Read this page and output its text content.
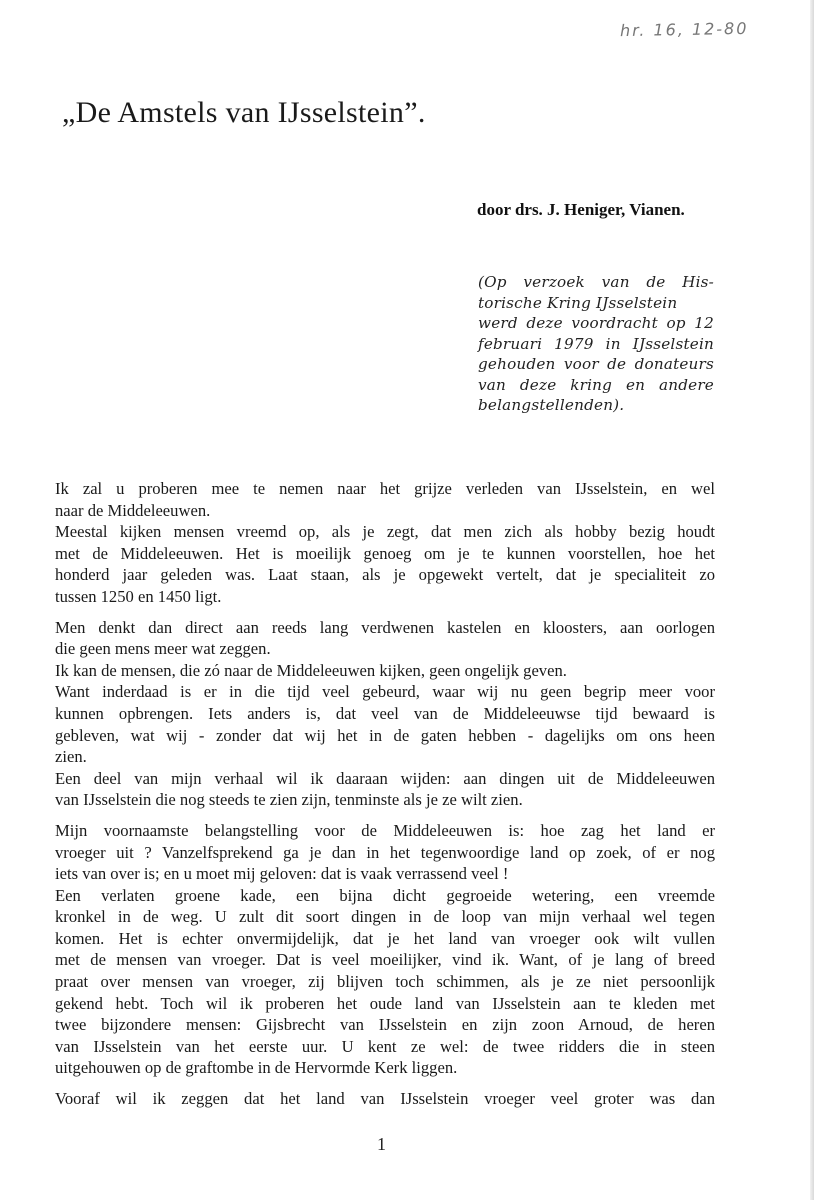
hr. 16, 12-80
„De Amstels van IJsselstein”.
door drs. J. Heniger, Vianen.
(Op verzoek van de His-
torische Kring IJsselstein
werd deze voordracht op 12
februari 1979 in IJsselstein
gehouden voor de donateurs
van deze kring en andere
belangstellenden).
Ik zal u proberen mee te nemen naar het grijze verleden van IJsselstein, en wel
naar de Middeleeuwen.
Meestal kijken mensen vreemd op, als je zegt, dat men zich als hobby bezig houdt
met de Middeleeuwen. Het is moeilijk genoeg om je te kunnen voorstellen, hoe het
honderd jaar geleden was. Laat staan, als je opgewekt vertelt, dat je specialiteit zo
tussen 1250 en 1450 ligt.
Men denkt dan direct aan reeds lang verdwenen kastelen en kloosters, aan oorlogen
die geen mens meer wat zeggen.
Ik kan de mensen, die zó naar de Middeleeuwen kijken, geen ongelijk geven.
Want inderdaad is er in die tijd veel gebeurd, waar wij nu geen begrip meer voor
kunnen opbrengen. Iets anders is, dat veel van de Middeleeuwse tijd bewaard is
gebleven, wat wij - zonder dat wij het in de gaten hebben - dagelijks om ons heen
zien.
Een deel van mijn verhaal wil ik daaraan wijden: aan dingen uit de Middeleeuwen
van IJsselstein die nog steeds te zien zijn, tenminste als je ze wilt zien.
Mijn voornaamste belangstelling voor de Middeleeuwen is: hoe zag het land er
vroeger uit ? Vanzelfsprekend ga je dan in het tegenwoordige land op zoek, of er nog
iets van over is; en u moet mij geloven: dat is vaak verrassend veel !
Een verlaten groene kade, een bijna dicht gegroeide wetering, een vreemde
kronkel in de weg. U zult dit soort dingen in de loop van mijn verhaal wel tegen
komen. Het is echter onvermijdelijk, dat je het land van vroeger ook wilt vullen
met de mensen van vroeger. Dat is veel moeilijker, vind ik. Want, of je lang of breed
praat over mensen van vroeger, zij blijven toch schimmen, als je ze niet persoonlijk
gekend hebt. Toch wil ik proberen het oude land van IJsselstein aan te kleden met
twee bijzondere mensen: Gijsbrecht van IJsselstein en zijn zoon Arnoud, de heren
van IJsselstein van het eerste uur. U kent ze wel: de twee ridders die in steen
uitgehouwen op de graftombe in de Hervormde Kerk liggen.
Vooraf wil ik zeggen dat het land van IJsselstein vroeger veel groter was dan
1
